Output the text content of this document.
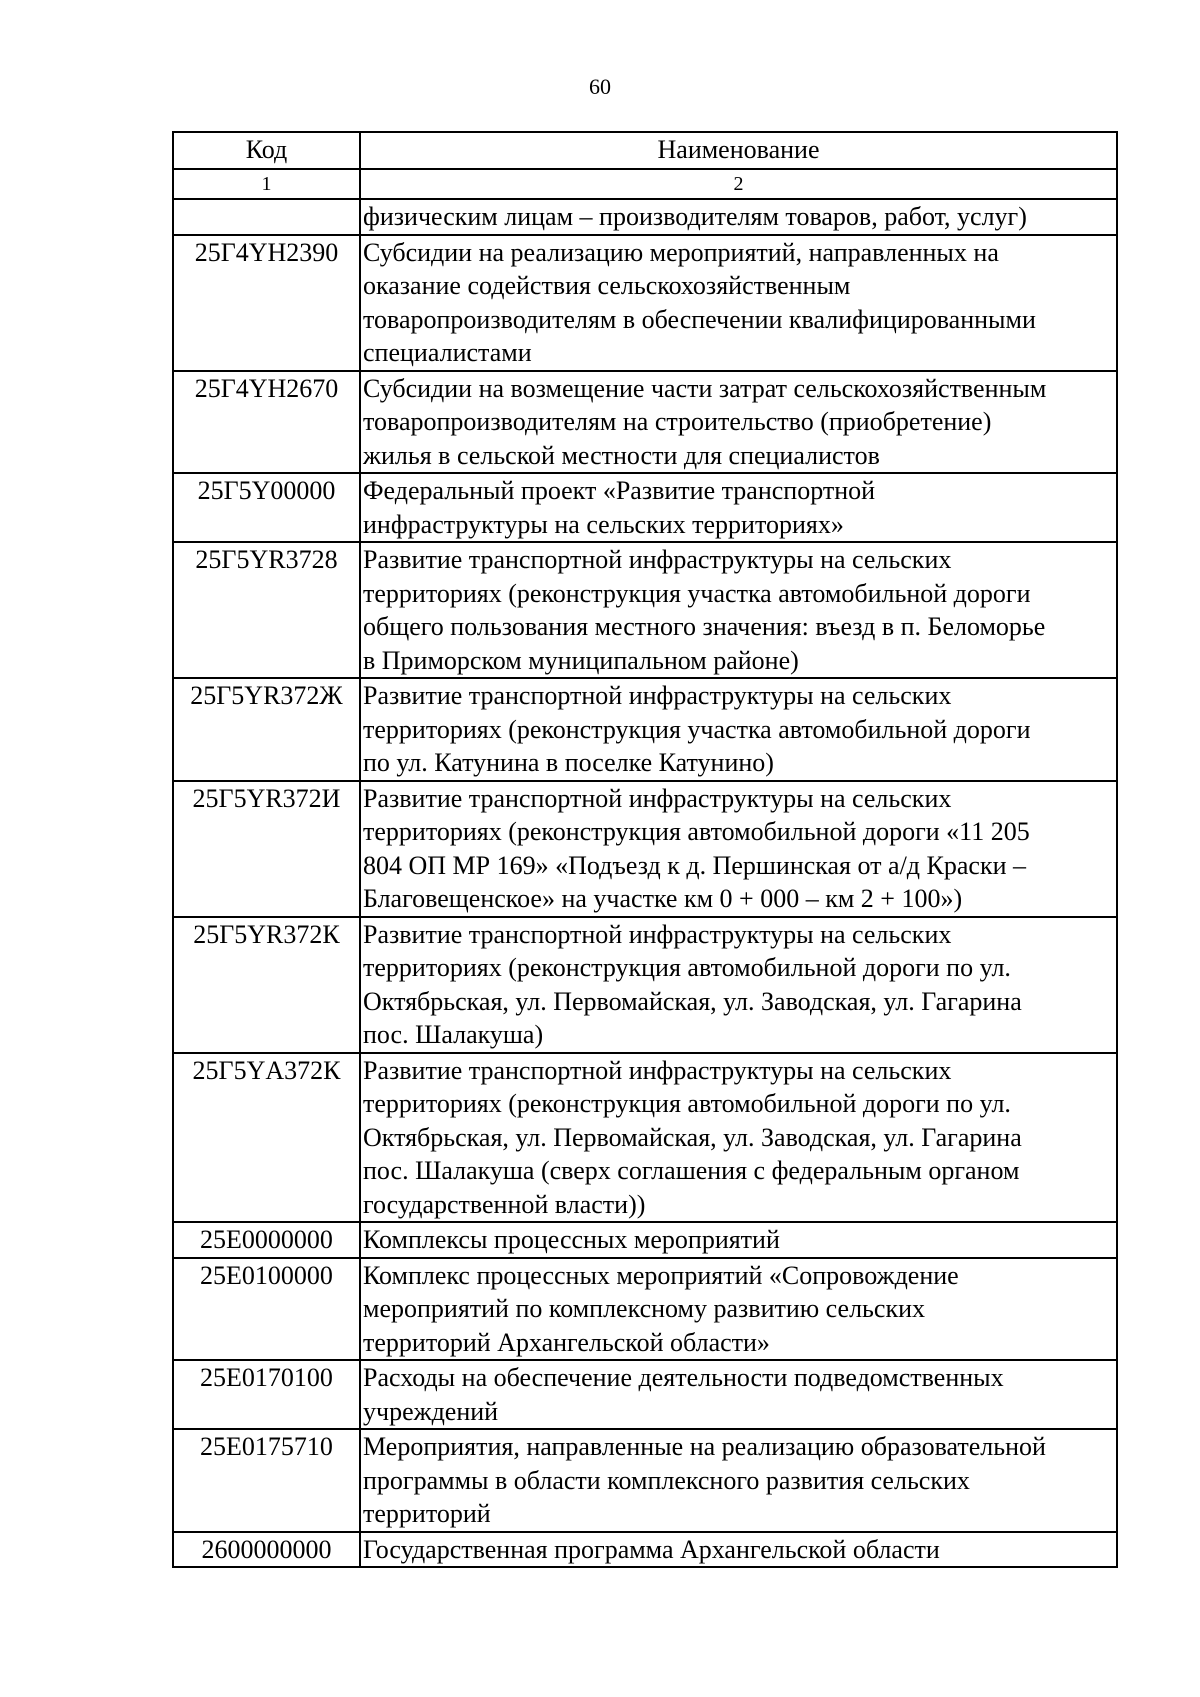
60
Код	Наименование
1	2
	физическим лицам – производителям товаров, работ, услуг)
25Г4YН2390	Субсидии на реализацию мероприятий, направленных на
оказание содействия сельскохозяйственным
товаропроизводителям в обеспечении квалифицированными
специалистами
25Г4YН2670	Субсидии на возмещение части затрат сельскохозяйственным
товаропроизводителям на строительство (приобретение)
жилья в сельской местности для специалистов
25Г5Y00000	Федеральный проект «Развитие транспортной
инфраструктуры на сельских территориях»
25Г5YR3728	Развитие транспортной инфраструктуры на сельских
территориях (реконструкция участка автомобильной дороги
общего пользования местного значения: въезд в п. Беломорье
в Приморском муниципальном районе)
25Г5YR372Ж	Развитие транспортной инфраструктуры на сельских
территориях (реконструкция участка автомобильной дороги
по ул. Катунина в поселке Катунино)
25Г5YR372И	Развитие транспортной инфраструктуры на сельских
территориях (реконструкция автомобильной дороги «11 205
804 ОП МР 169» «Подъезд к д. Першинская от а/д Краски –
Благовещенское» на участке км 0 + 000 – км 2 + 100»)
25Г5YR372К	Развитие транспортной инфраструктуры на сельских
территориях (реконструкция автомобильной дороги по ул.
Октябрьская, ул. Первомайская, ул. Заводская, ул. Гагарина
пос. Шалакуша)
25Г5YА372К	Развитие транспортной инфраструктуры на сельских
территориях (реконструкция автомобильной дороги по ул.
Октябрьская, ул. Первомайская, ул. Заводская, ул. Гагарина
пос. Шалакуша (сверх соглашения с федеральным органом
государственной власти))
25Е0000000	Комплексы процессных мероприятий
25Е0100000	Комплекс процессных мероприятий «Сопровождение
мероприятий по комплексному развитию сельских
территорий Архангельской области»
25Е0170100	Расходы на обеспечение деятельности подведомственных
учреждений
25Е0175710	Мероприятия, направленные на реализацию образовательной
программы в области комплексного развития сельских
территорий
2600000000	Государственная программа Архангельской области
